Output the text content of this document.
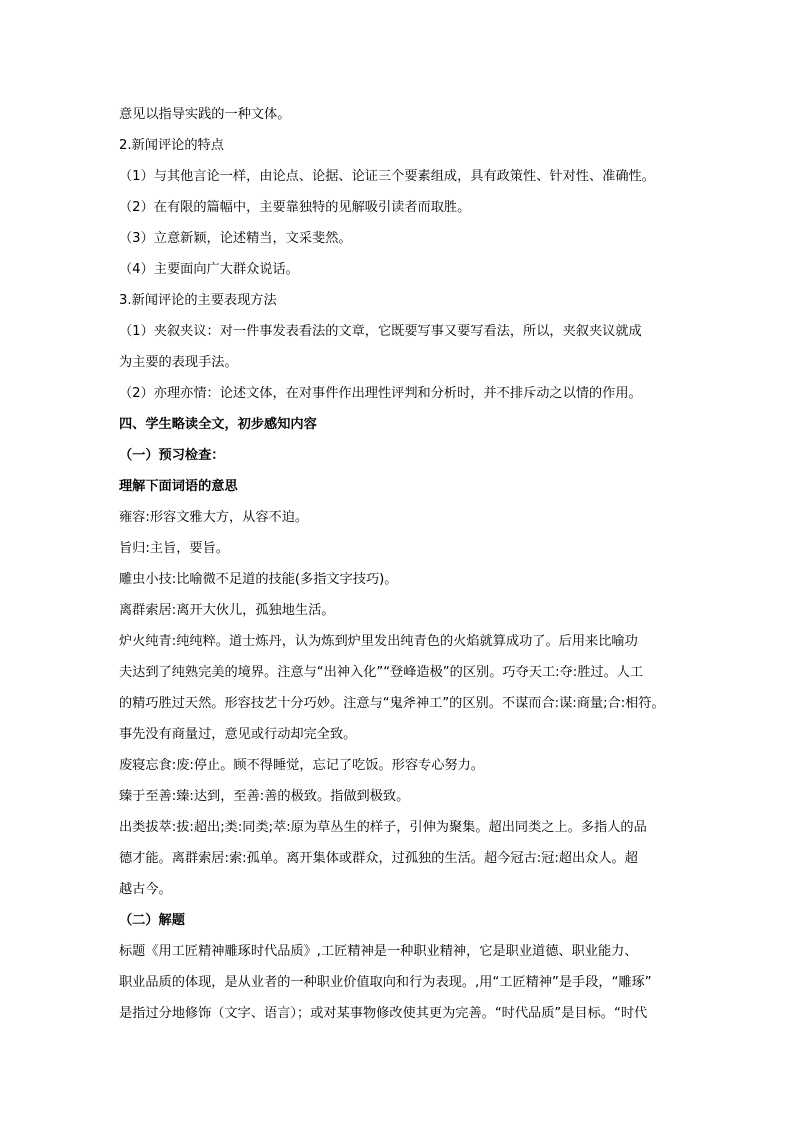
意见以指导实践的一种文体。
2.新闻评论的特点
（1）与其他言论一样，由论点、论据、论证三个要素组成，具有政策性、针对性、准确性。
（2）在有限的篇幅中，主要靠独特的见解吸引读者而取胜。
（3）立意新颖，论述精当，文采斐然。
（4）主要面向广大群众说话。
3.新闻评论的主要表现方法
（1）夹叙夹议：对一件事发表看法的文章，它既要写事又要写看法，所以，夹叙夹议就成
为主要的表现手法。
（2）亦理亦情：论述文体，在对事件作出理性评判和分析时，并不排斥动之以情的作用。
四、学生略读全文，初步感知内容
（一）预习检查：
理解下面词语的意思
雍容:形容文雅大方，从容不迫。
旨归:主旨，要旨。
雕虫小技:比喻微不足道的技能(多指文字技巧)。
离群索居:离开大伙儿，孤独地生活。
炉火纯青:纯纯粹。道士炼丹，认为炼到炉里发出纯青色的火焰就算成功了。后用来比喻功
夫达到了纯熟完美的境界。注意与“出神入化”“登峰造极”的区别。巧夺天工:夺:胜过。人工
的精巧胜过天然。形容技艺十分巧妙。注意与“鬼斧神工”的区别。不谋而合:谋:商量;合:相符。
事先没有商量过，意见或行动却完全致。
废寝忘食:废:停止。顾不得睡觉，忘记了吃饭。形容专心努力。
臻于至善:臻:达到，至善:善的极致。指做到极致。
出类拔萃:拔:超出;类:同类;萃:原为草丛生的样子，引伸为聚集。超出同类之上。多指人的品
德才能。离群索居:索:孤单。离开集体或群众，过孤独的生活。超今冠古:冠:超出众人。超
越古今。
（二）解题
标题《用工匠精神雕琢时代品质》,工匠精神是一种职业精神，它是职业道德、职业能力、
职业品质的体现，是从业者的一种职业价值取向和行为表现。,用“工匠精神”是手段，“雕琢”
是指过分地修饰（文字、语言）；或对某事物修改使其更为完善。“时代品质”是目标。“时代
